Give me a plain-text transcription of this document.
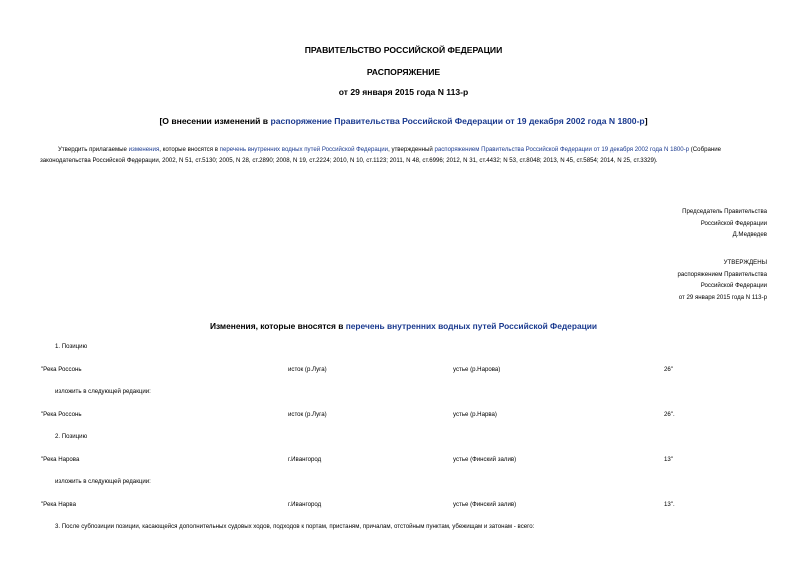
ПРАВИТЕЛЬСТВО РОССИЙСКОЙ ФЕДЕРАЦИИ
РАСПОРЯЖЕНИЕ
от 29 января 2015 года N 113-р
[О внесении изменений в распоряжение Правительства Российской Федерации от 19 декабря 2002 года N 1800-р]
Утвердить прилагаемые изменения, которые вносятся в перечень внутренних водных путей Российской Федерации, утвержденный распоряжением Правительства Российской Федерации от 19 декабря 2002 года N 1800-р (Собрание законодательства Российской Федерации, 2002, N 51, ст.5130; 2005, N 28, ст.2890; 2008, N 19, ст.2224; 2010, N 10, ст.1123; 2011, N 48, ст.6996; 2012, N 31, ст.4432; N 53, ст.8048; 2013, N 45, ст.5854; 2014, N 25, ст.3329).
Председатель Правительства
Российской Федерации
Д.Медведев
УТВЕРЖДЕНЫ
распоряжением Правительства
Российской Федерации
от 29 января 2015 года N 113-р
Изменения, которые вносятся в перечень внутренних водных путей Российской Федерации
1. Позицию
"Река Россонь	исток (р.Луга)	устье (р.Нарова)	26"
изложить в следующей редакции:
"Река Россонь	исток (р.Луга)	устье (р.Нарва)	26".
2. Позицию
"Река Нарова	г.Ивангород	устье (Финский залив)	13"
изложить в следующей редакции:
"Река Нарва	г.Ивангород	устье (Финский залив)	13".
3. После субпозиции позиции, касающейся дополнительных судовых ходов, подходов к портам, пристаням, причалам, отстойным пунктам, убежищам и затонам - всего:
